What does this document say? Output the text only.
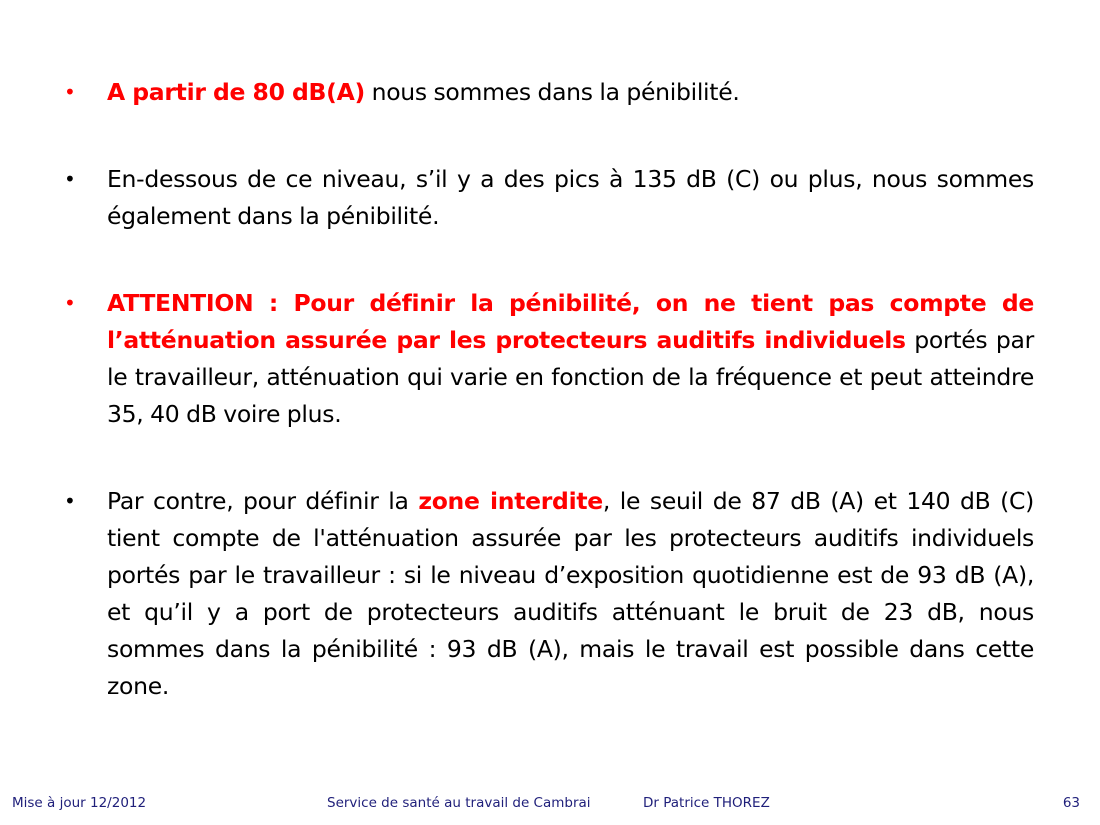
• A partir de 80 dB(A) nous sommes dans la pénibilité.
• En-dessous de ce niveau, s’il y a des pics à 135 dB (C) ou plus, nous sommes également dans la pénibilité.
• ATTENTION : Pour définir la pénibilité, on ne tient pas compte de l’atténuation assurée par les protecteurs auditifs individuels portés par le travailleur, atténuation qui varie en fonction de la fréquence et peut atteindre 35, 40 dB voire plus.
• Par contre, pour définir la zone interdite, le seuil de 87 dB (A) et 140 dB (C) tient compte de l'atténuation assurée par les protecteurs auditifs individuels portés par le travailleur : si le niveau d’exposition quotidienne est de 93 dB (A), et qu’il y a port de protecteurs auditifs atténuant le bruit de 23 dB, nous sommes dans la pénibilité : 93 dB (A), mais le travail est possible dans cette zone.
Mise à jour 12/2012	Service de santé au travail de Cambrai	Dr Patrice THOREZ	63
